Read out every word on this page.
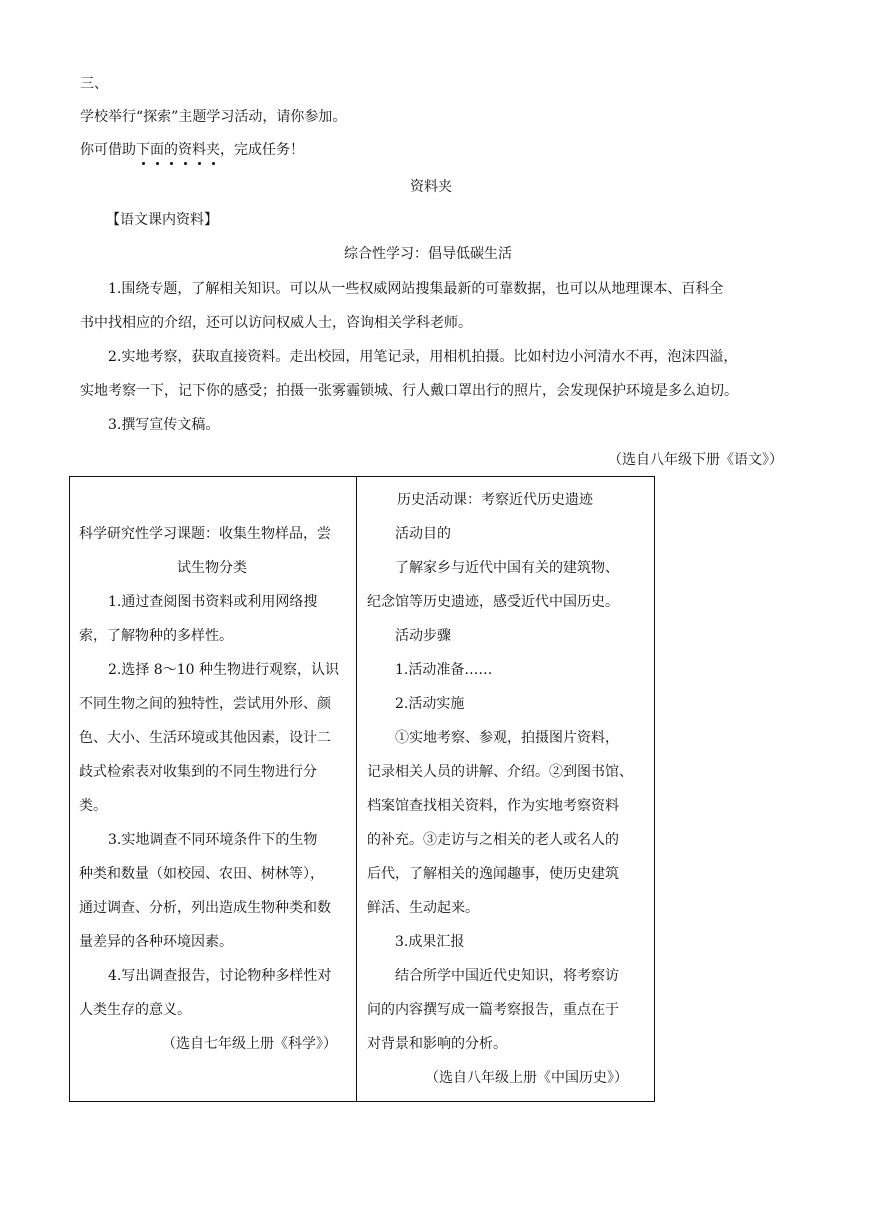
三、
学校举行“探索”主题学习活动，请你参加。
你可借助下
面
的
资
料
夹
，完成任务！
资料夹
【语文课内资料】
综合性学习：倡导低碳生活
1.围绕专题，了解相关知识。可以从一些权威网站搜集最新的可靠数据，也可以从地理课本、百科全
书中找相应的介绍，还可以访问权威人士，咨询相关学科老师。
2.实地考察，获取直接资料。走出校园，用笔记录，用相机拍摄。比如村边小河清水不再，泡沫四溢，
实地考察一下，记下你的感受；拍摄一张雾霾锁城、行人戴口罩出行的照片，会发现保护环境是多么迫切。
3.撰写宣传文稿。
（选自八年级下册《语文》）
科学研究性学习课题：收集生物样品，尝
试生物分类
1.通过查阅图书资料或利用网络搜
索，了解物种的多样性。
2.选择 8～10 种生物进行观察，认识
不同生物之间的独特性，尝试用外形、颜
色、大小、生活环境或其他因素，设计二
歧式检索表对收集到的不同生物进行分
类。
3.实地调查不同环境条件下的生物
种类和数量（如校园、农田、树林等），
通过调查、分析，列出造成生物种类和数
量差异的各种环境因素。
4.写出调查报告，讨论物种多样性对
人类生存的意义。
（选自七年级上册《科学》）
历史活动课：考察近代历史遗迹
活动目的
了解家乡与近代中国有关的建筑物、
纪念馆等历史遗迹，感受近代中国历史。
活动步骤
1.活动准备……
2.活动实施
①实地考察、参观，拍摄图片资料，
记录相关人员的讲解、介绍。②到图书馆、
档案馆查找相关资料，作为实地考察资料
的补充。③走访与之相关的老人或名人的
后代，了解相关的逸闻趣事，使历史建筑
鲜活、生动起来。
3.成果汇报
结合所学中国近代史知识，将考察访
问的内容撰写成一篇考察报告，重点在于
对背景和影响的分析。
（选自八年级上册《中国历史》）
